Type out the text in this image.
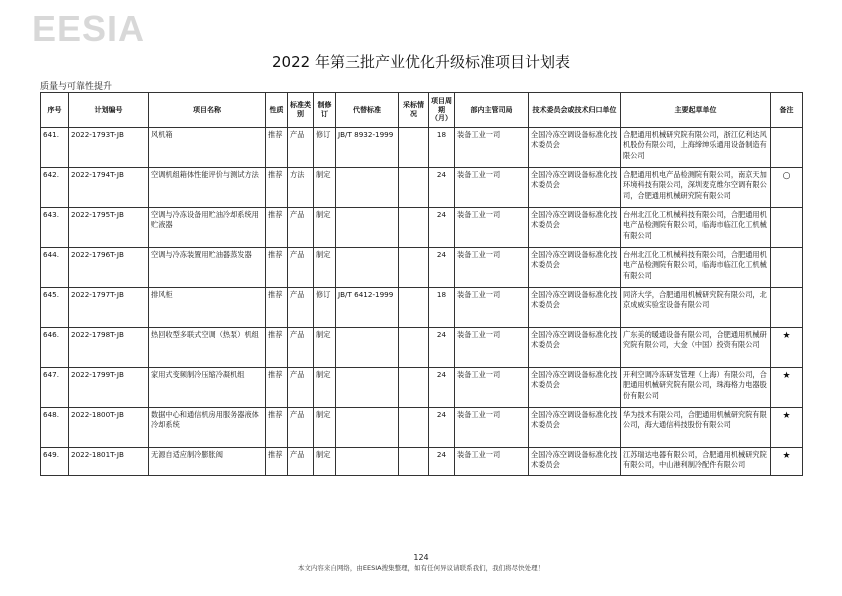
EESIA
2022 年第三批产业优化升级标准项目计划表
质量与可靠性提升
序号	计划编号	项目名称	性质	标准类别	制修订	代替标准	采标情况	项目周期（月）	部内主管司局	技术委员会或技术归口单位	主要起草单位	备注
641.	2022-1793T-JB	风机箱	推荐	产品	修订	JB/T 8932-1999		18	装备工业一司	全国冷冻空调设备标准化技术委员会	合肥通用机械研究院有限公司，浙江亿利达风机股份有限公司，上海缔绅乐通用设备制造有限公司	
642.	2022-1794T-JB	空调机组箱体性能评价与测试方法	推荐	方法	制定			24	装备工业一司	全国冷冻空调设备标准化技术委员会	合肥通用机电产品检测院有限公司，南京天加环境科技有限公司，深圳麦克维尔空调有限公司，合肥通用机械研究院有限公司	○
643.	2022-1795T-JB	空调与冷冻设备用贮油冷却系统用贮液器	推荐	产品	制定			24	装备工业一司	全国冷冻空调设备标准化技术委员会	台州北江化工机械科技有限公司，合肥通用机电产品检测院有限公司，临海市临江化工机械有限公司	
644.	2022-1796T-JB	空调与冷冻装置用贮油器蒸发器	推荐	产品	制定			24	装备工业一司	全国冷冻空调设备标准化技术委员会	台州北江化工机械科技有限公司，合肥通用机电产品检测院有限公司，临海市临江化工机械有限公司	
645.	2022-1797T-JB	排风柜	推荐	产品	修订	JB/T 6412-1999		18	装备工业一司	全国冷冻空调设备标准化技术委员会	同济大学，合肥通用机械研究院有限公司，北京成威实验室设备有限公司	
646.	2022-1798T-JB	热回收型多联式空调（热泵）机组	推荐	产品	制定			24	装备工业一司	全国冷冻空调设备标准化技术委员会	广东美的暖通设备有限公司，合肥通用机械研究院有限公司，大金（中国）投资有限公司	★
647.	2022-1799T-JB	家用式变频制冷压缩冷凝机组	推荐	产品	制定			24	装备工业一司	全国冷冻空调设备标准化技术委员会	开利空调冷冻研发管理（上海）有限公司，合肥通用机械研究院有限公司，珠海格力电器股份有限公司	★
648.	2022-1800T-JB	数据中心和通信机房用服务器液体冷却系统	推荐	产品	制定			24	装备工业一司	全国冷冻空调设备标准化技术委员会	华为技术有限公司，合肥通用机械研究院有限公司，海大通信科技股份有限公司	★
649.	2022-1801T-JB	无源自适应制冷膨胀阀	推荐	产品	制定			24	装备工业一司	全国冷冻空调设备标准化技术委员会	江苏瑞达电器有限公司，合肥通用机械研究院有限公司，中山港利制冷配件有限公司	★
124
本文内容来自网络，由EESIA搜集整理，如有任何异议请联系我们，我们将尽快处理！
